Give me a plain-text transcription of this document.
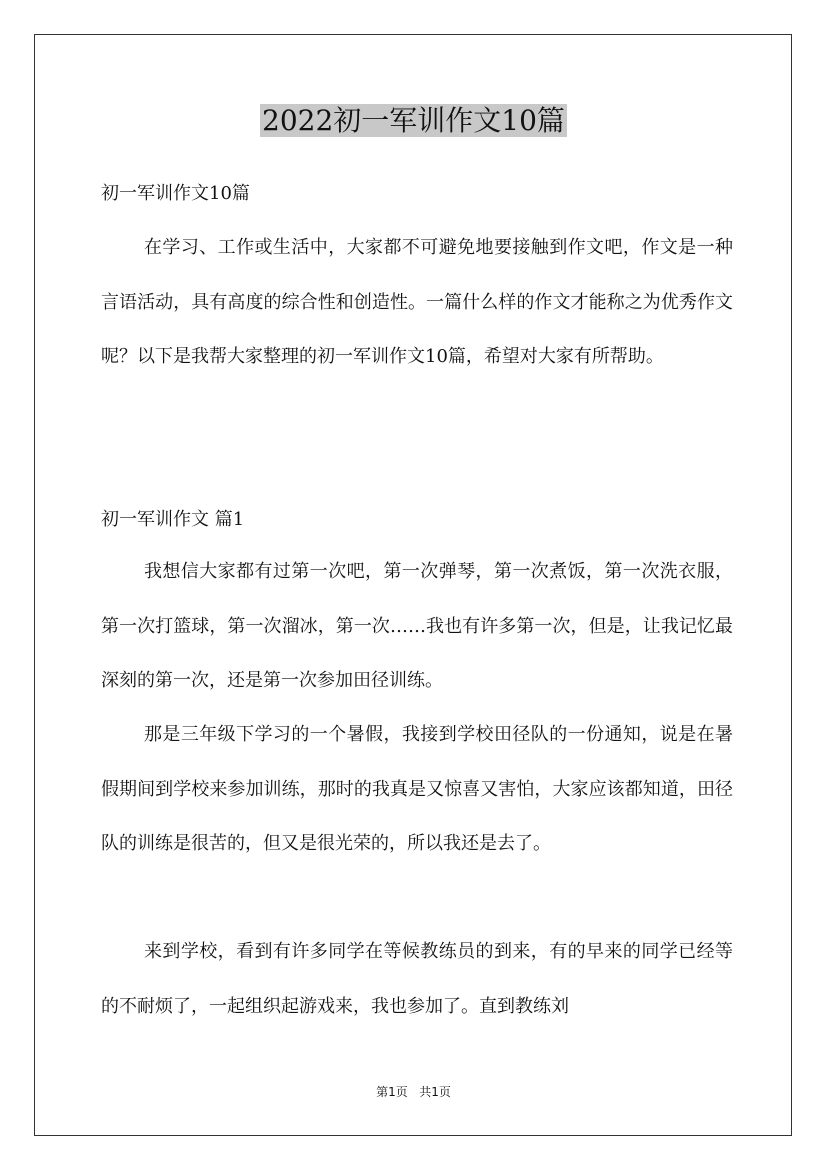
2022初一军训作文10篇
初一军训作文10篇

在学习、工作或生活中，大家都不可避免地要接触到作文吧，作文是一种言语活动，具有高度的综合性和创造性。一篇什么样的作文才能称之为优秀作文呢？以下是我帮大家整理的初一军训作文10篇，希望对大家有所帮助。

初一军训作文 篇1

我想信大家都有过第一次吧，第一次弹琴，第一次煮饭，第一次洗衣服，第一次打篮球，第一次溜冰，第一次……我也有许多第一次，但是，让我记忆最深刻的第一次，还是第一次参加田径训练。

那是三年级下学习的一个暑假，我接到学校田径队的一份通知，说是在暑假期间到学校来参加训练，那时的我真是又惊喜又害怕，大家应该都知道，田径队的训练是很苦的，但又是很光荣的，所以我还是去了。

来到学校，看到有许多同学在等候教练员的到来，有的早来的同学已经等的不耐烦了，一起组织起游戏来，我也参加了。直到教练刘

第1页 共1页
